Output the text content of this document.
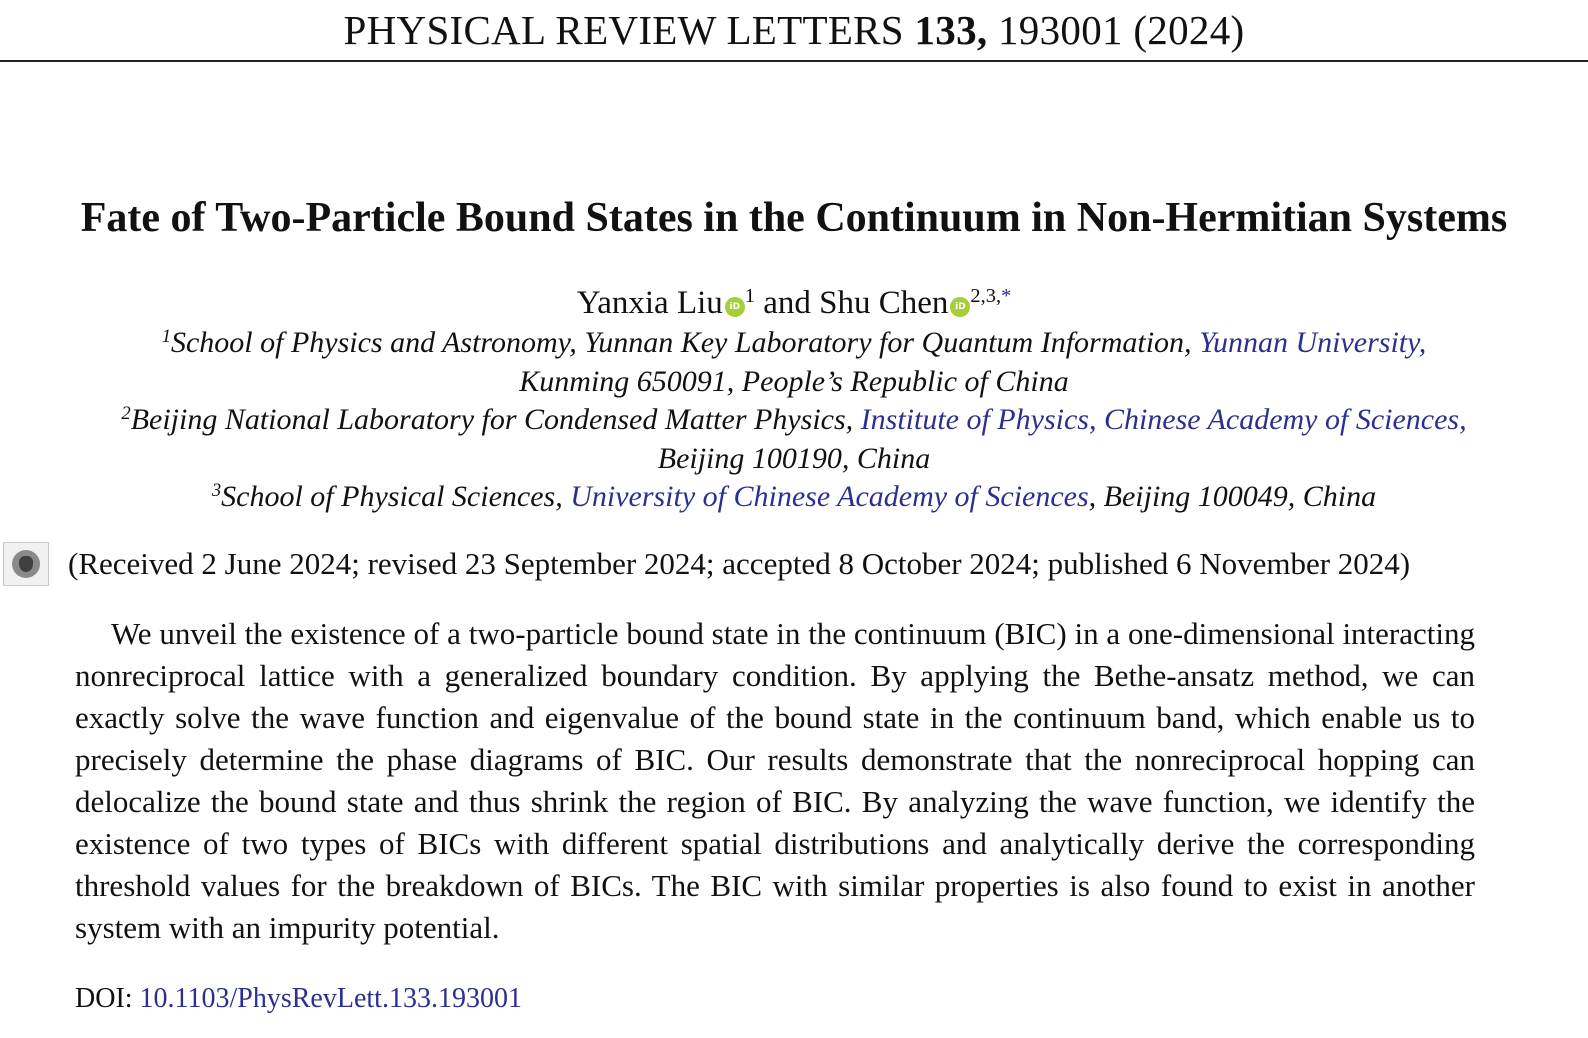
PHYSICAL REVIEW LETTERS 133, 193001 (2024)
Fate of Two-Particle Bound States in the Continuum in Non-Hermitian Systems
Yanxia Liu $iD^1$ and Shu Chen $iD^{2,3,*}$
$^1$School of Physics and Astronomy, Yunnan Key Laboratory for Quantum Information, Yunnan University,
Kunming 650091, People’s Republic of China
$^2$Beijing National Laboratory for Condensed Matter Physics, Institute of Physics, Chinese Academy of Sciences,
Beijing 100190, China
$^3$School of Physical Sciences, University of Chinese Academy of Sciences, Beijing 100049, China
(Received 2 June 2024; revised 23 September 2024; accepted 8 October 2024; published 6 November 2024)
We unveil the existence of a two-particle bound state in the continuum (BIC) in a one-dimensional interacting nonreciprocal lattice with a generalized boundary condition. By applying the Bethe-ansatz method, we can exactly solve the wave function and eigenvalue of the bound state in the continuum band, which enable us to precisely determine the phase diagrams of BIC. Our results demonstrate that the nonreciprocal hopping can delocalize the bound state and thus shrink the region of BIC. By analyzing the wave function, we identify the existence of two types of BICs with different spatial distributions and analytically derive the corresponding threshold values for the breakdown of BICs. The BIC with similar properties is also found to exist in another system with an impurity potential.
DOI: 10.1103/PhysRevLett.133.193001
